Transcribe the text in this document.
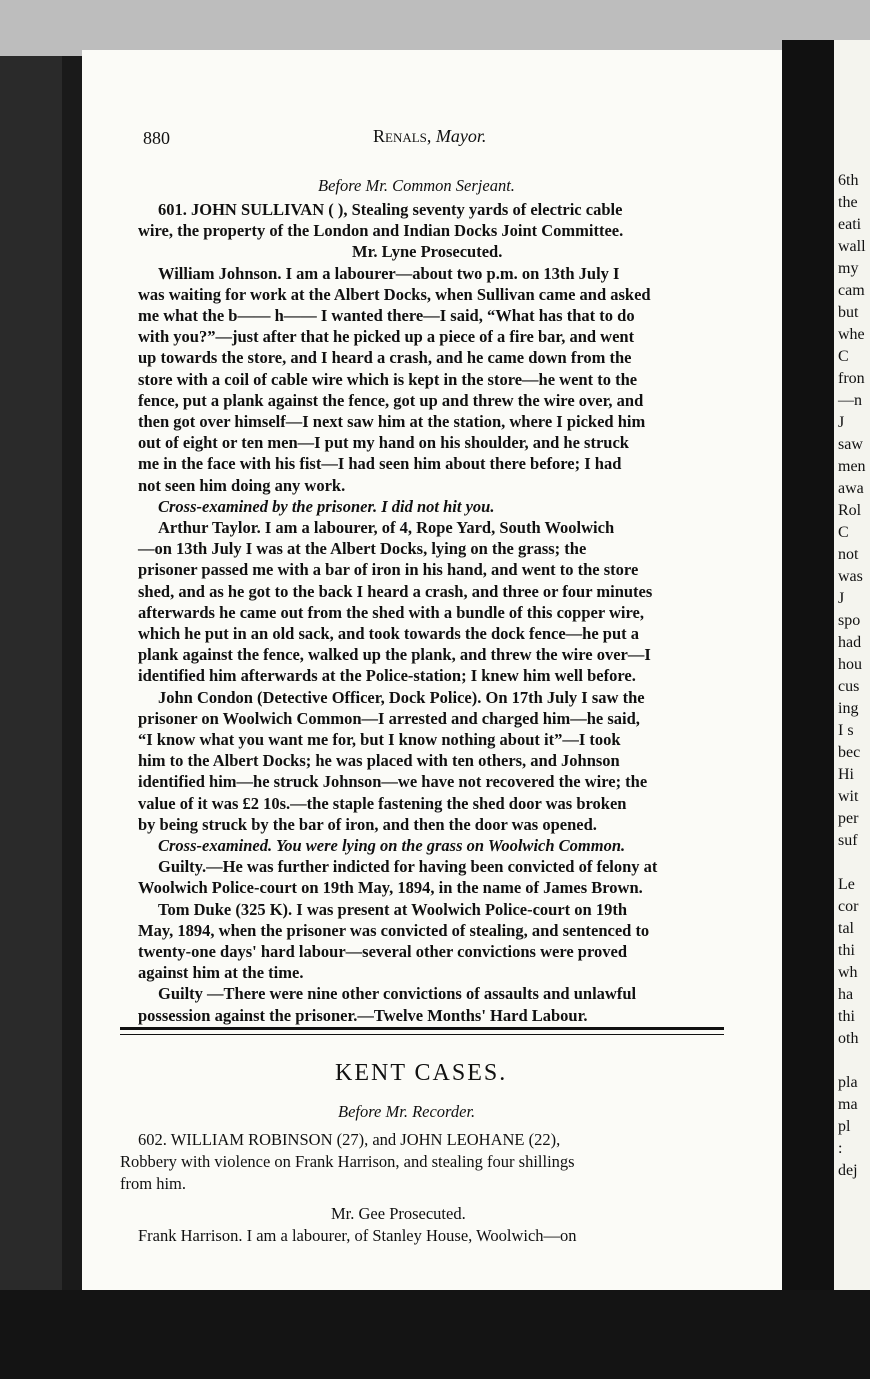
6th
the
eati
wall
my
cam
but
whe
C
fron
—n
J
saw
men
awa
Rol
C
not
was
J
spo
had
hou
cus
ing
I s
bec
Hi
wit
per
suf
Le
cor
tal
thi
wh
ha
thi
oth
pla
ma
pl
:
dej
880	Renals, Mayor.
Before Mr. Common Serjeant.
601. JOHN SULLIVAN ( ), Stealing seventy yards of electric cable
wire, the property of the London and Indian Docks Joint Committee.
Mr. Lyne Prosecuted.
William Johnson. I am a labourer—about two p.m. on 13th July I
was waiting for work at the Albert Docks, when Sullivan came and asked
me what the b—— h—— I wanted there—I said, “What has that to do
with you?”—just after that he picked up a piece of a fire bar, and went
up towards the store, and I heard a crash, and he came down from the
store with a coil of cable wire which is kept in the store—he went to the
fence, put a plank against the fence, got up and threw the wire over, and
then got over himself—I next saw him at the station, where I picked him
out of eight or ten men—I put my hand on his shoulder, and he struck
me in the face with his fist—I had seen him about there before; I had
not seen him doing any work.
Cross-examined by the prisoner. I did not hit you.
Arthur Taylor. I am a labourer, of 4, Rope Yard, South Woolwich
—on 13th July I was at the Albert Docks, lying on the grass; the
prisoner passed me with a bar of iron in his hand, and went to the store
shed, and as he got to the back I heard a crash, and three or four minutes
afterwards he came out from the shed with a bundle of this copper wire,
which he put in an old sack, and took towards the dock fence—he put a
plank against the fence, walked up the plank, and threw the wire over—I
identified him afterwards at the Police-station; I knew him well before.
John Condon (Detective Officer, Dock Police). On 17th July I saw the
prisoner on Woolwich Common—I arrested and charged him—he said,
“I know what you want me for, but I know nothing about it”—I took
him to the Albert Docks; he was placed with ten others, and Johnson
identified him—he struck Johnson—we have not recovered the wire; the
value of it was £2 10s.—the staple fastening the shed door was broken
by being struck by the bar of iron, and then the door was opened.
Cross-examined. You were lying on the grass on Woolwich Common.
Guilty.—He was further indicted for having been convicted of felony at
Woolwich Police-court on 19th May, 1894, in the name of James Brown.
Tom Duke (325 K). I was present at Woolwich Police-court on 19th
May, 1894, when the prisoner was convicted of stealing, and sentenced to
twenty-one days' hard labour—several other convictions were proved
against him at the time.
Guilty —There were nine other convictions of assaults and unlawful
possession against the prisoner.—Twelve Months' Hard Labour.
KENT CASES.
Before Mr. Recorder.
602. WILLIAM ROBINSON (27), and JOHN LEOHANE (22),
Robbery with violence on Frank Harrison, and stealing four shillings
from him.
Mr. Gee Prosecuted.
Frank Harrison. I am a labourer, of Stanley House, Woolwich—on
